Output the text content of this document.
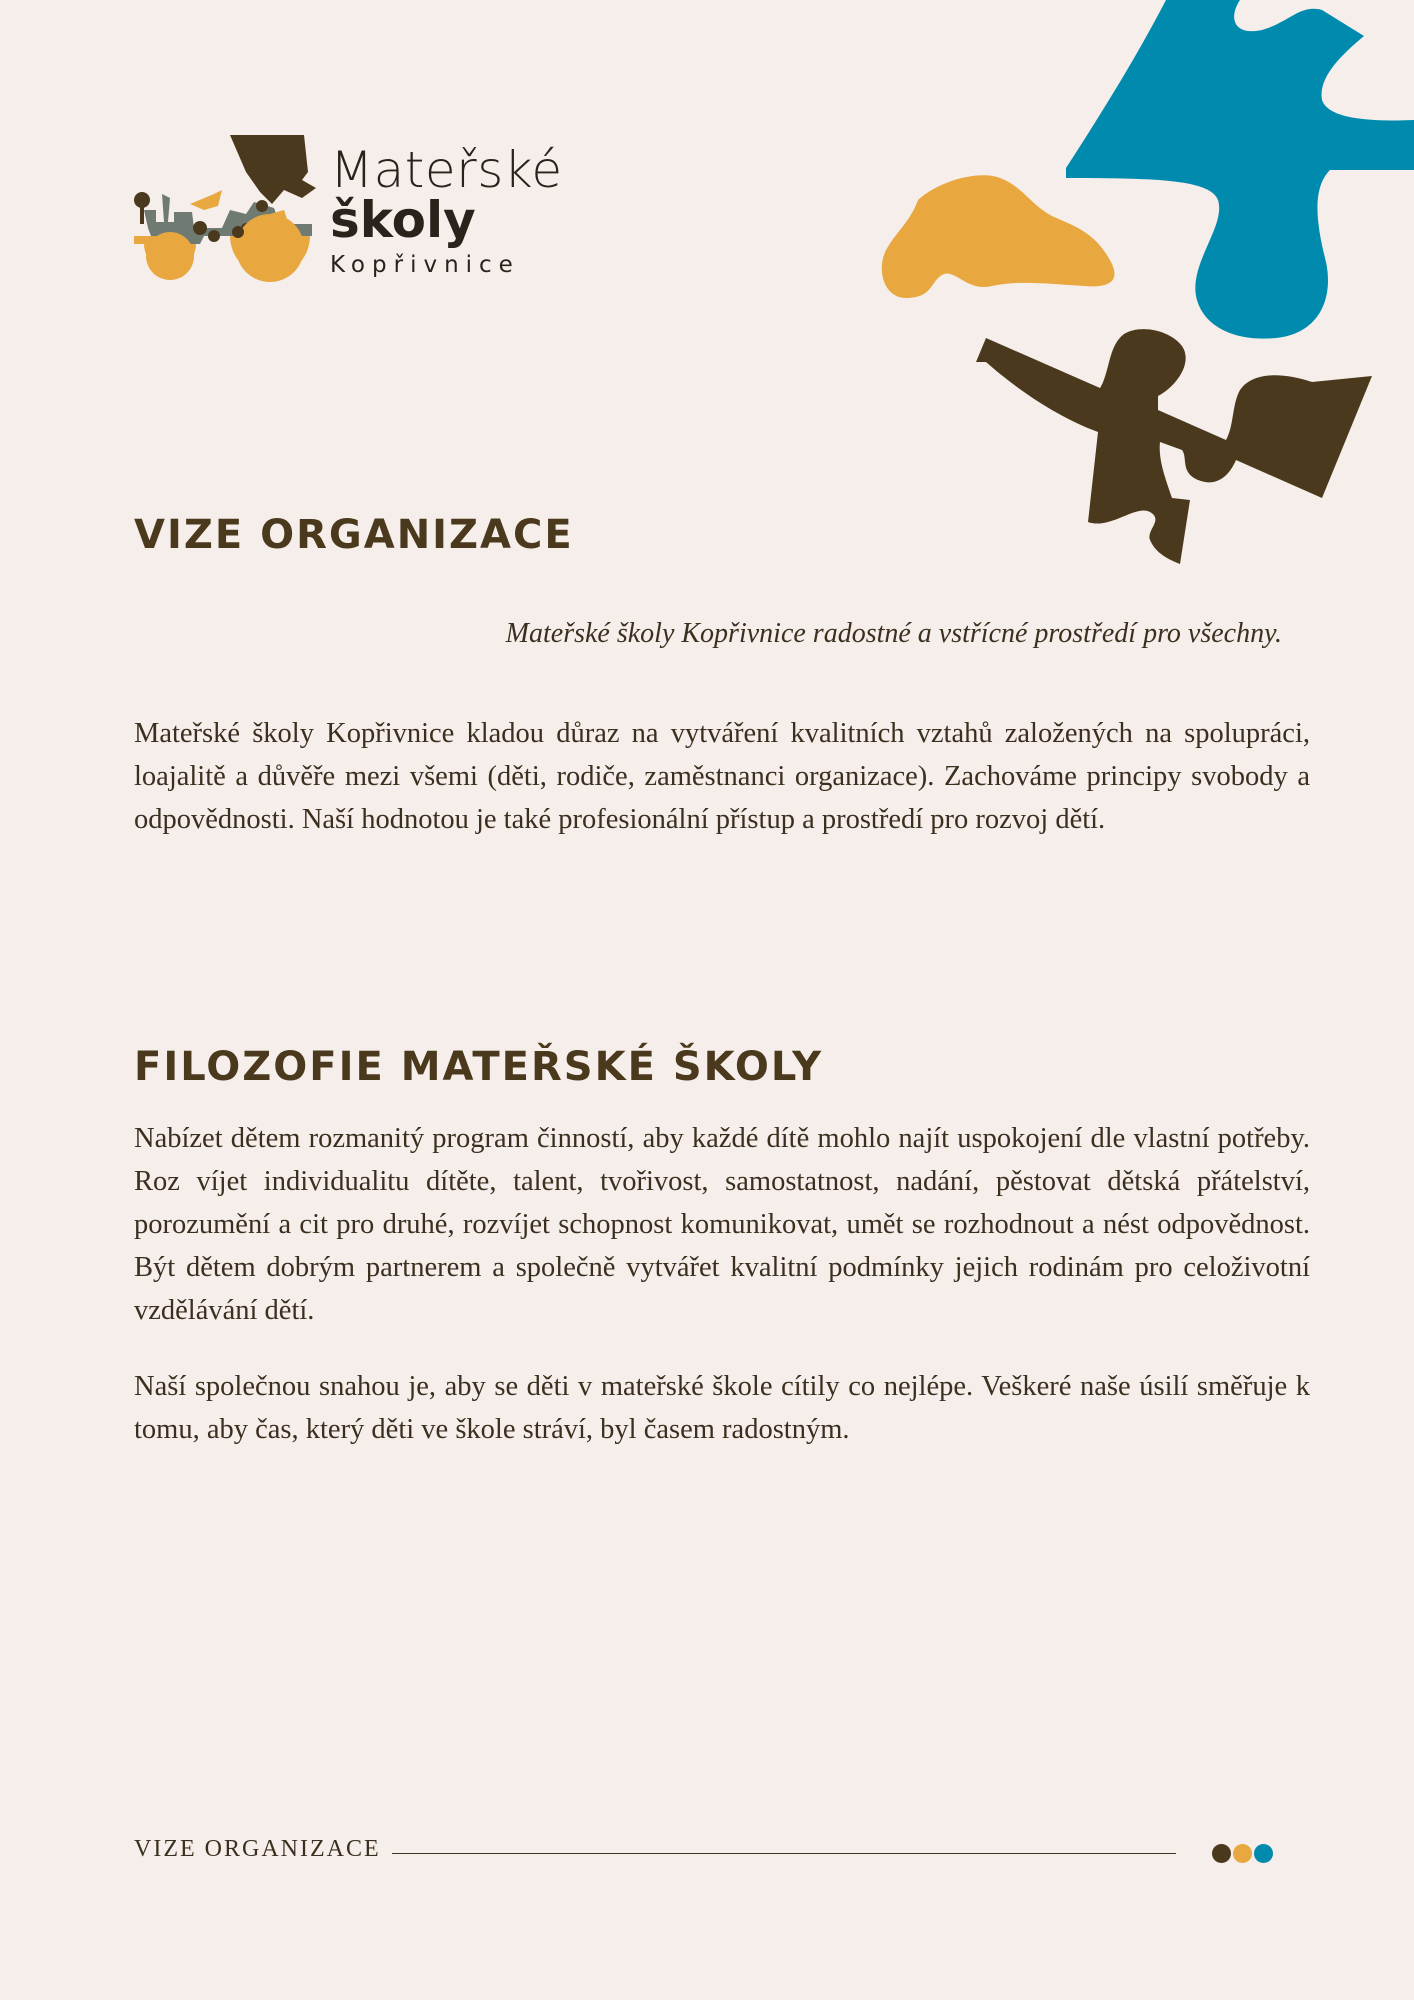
Mateřské
školy
Kopřivnice
VIZE ORGANIZACE
Mateřské školy Kopřivnice radostné a vstřícné prostředí pro všechny.

Mateřské školy Kopřivnice kladou důraz na vytváření kvalitních vztahů založených na spolupráci, loajalitě a důvěře mezi všemi (děti, rodiče, zaměstnanci organizace). Zachováme principy svobody a odpovědnosti. Naší hodnotou je také profesionální přístup a prostředí pro rozvoj dětí.

FILOZOFIE MATEŘSKÉ ŠKOLY

Nabízet dětem rozmanitý program činností, aby každé dítě mohlo najít uspokojení dle vlastní potřeby. Roz víjet individualitu dítěte, talent, tvořivost, samostatnost, nadání, pěstovat dětská přátelství, porozumění a cit pro druhé, rozvíjet schopnost komunikovat, umět se rozhodnout a nést odpovědnost. Být dětem dobrým partnerem a společně vytvářet kvalitní podmínky jejich rodinám pro celoživotní vzdělávání dětí.

Naší společnou snahou je, aby se děti v mateřské škole cítily co nejlépe. Veškeré naše úsilí směřuje k tomu, aby čas, který děti ve škole stráví, byl časem radostným.

VIZE ORGANIZACE
